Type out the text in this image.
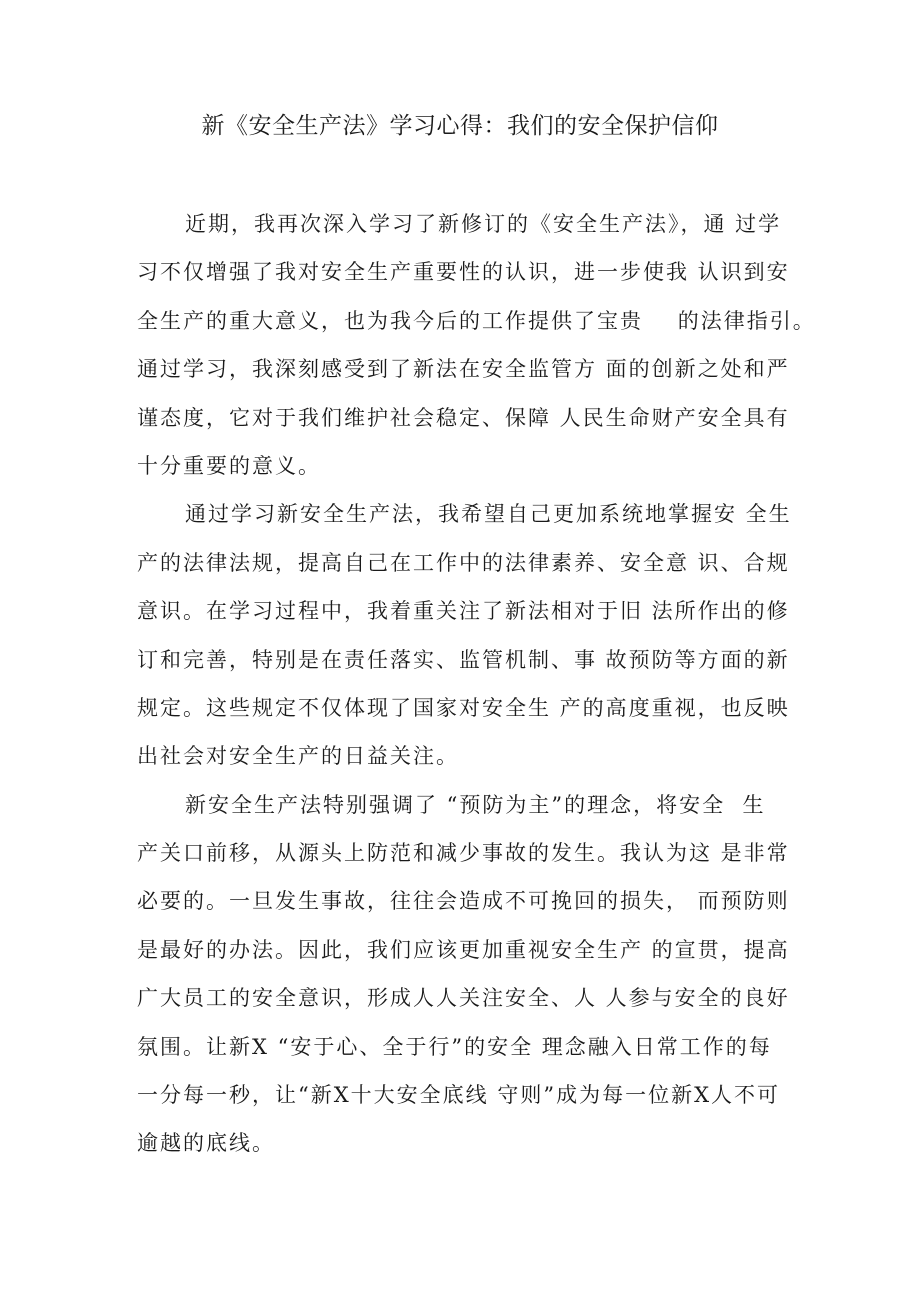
新《安全生产法》学习心得：我们的安全保护信仰

近期，我再次深入学习了新修订的《安全生产法》，通 过学

习不仅增强了我对安全生产重要性的认识，进一步使我 认识到安

全生产的重大意义，也为我今后的工作提供了宝贵    的法律指引。

通过学习，我深刻感受到了新法在安全监管方 面的创新之处和严

谨态度，它对于我们维护社会稳定、保障 人民生命财产安全具有

十分重要的意义。

通过学习新安全生产法，我希望自己更加系统地掌握安 全生

产的法律法规，提高自己在工作中的法律素养、安全意 识、合规

意识。在学习过程中，我着重关注了新法相对于旧 法所作出的修

订和完善，特别是在责任落实、监管机制、事 故预防等方面的新

规定。这些规定不仅体现了国家对安全生 产的高度重视，也反映

出社会对安全生产的日益关注。

新安全生产法特别强调了 “预防为主”的理念，将安全  生

产关口前移，从源头上防范和减少事故的发生。我认为这 是非常

必要的。一旦发生事故，往往会造成不可挽回的损失， 而预防则

是最好的办法。因此，我们应该更加重视安全生产 的宣贯，提高

广大员工的安全意识，形成人人关注安全、人 人参与安全的良好

氛围。让新X “安于心、全于行”的安全 理念融入日常工作的每

一分每一秒，让“新X十大安全底线 守则”成为每一位新X人不可

逾越的底线。
